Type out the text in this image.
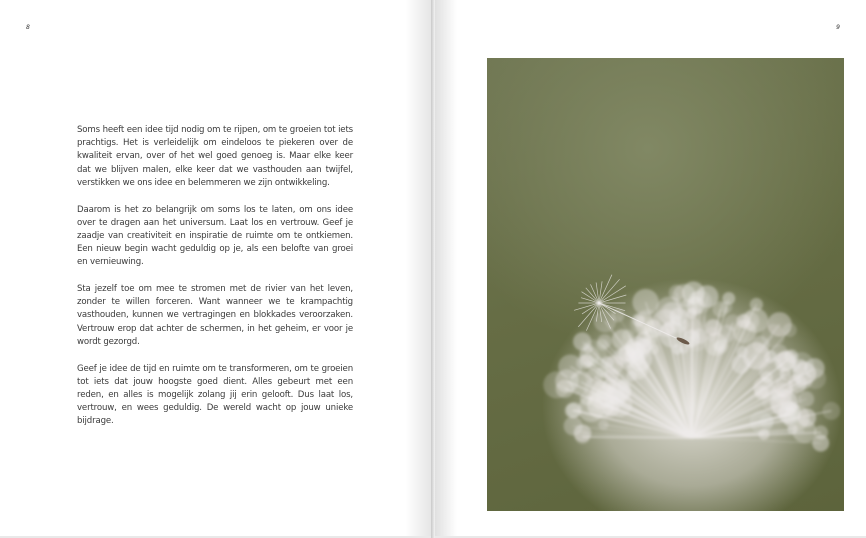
8

Soms heeft een idee tijd nodig om te rijpen, om te groeien tot iets prachtigs. Het is verleidelijk om eindeloos te piekeren over de kwaliteit ervan, over of het wel goed genoeg is. Maar elke keer dat we blijven malen, elke keer dat we vasthouden aan twijfel, verstikken we ons idee en belemmeren we zijn ontwikkeling.

Daarom is het zo belangrijk om soms los te laten, om ons idee over te dragen aan het universum. Laat los en vertrouw. Geef je zaadje van creativiteit en inspiratie de ruimte om te ontkiemen. Een nieuw begin wacht geduldig op je, als een belofte van groei en vernieuwing.

Sta jezelf toe om mee te stromen met de rivier van het leven, zonder te willen forceren. Want wanneer we te krampachtig vasthouden, kunnen we vertragingen en blokkades veroorzaken. Vertrouw erop dat achter de schermen, in het geheim, er voor je wordt gezorgd.

Geef je idee de tijd en ruimte om te transformeren, om te groeien tot iets dat jouw hoogste goed dient. Alles gebeurt met een reden, en alles is mogelijk zolang jij erin gelooft. Dus laat los, vertrouw, en wees geduldig. De wereld wacht op jouw unieke bijdrage.

9
